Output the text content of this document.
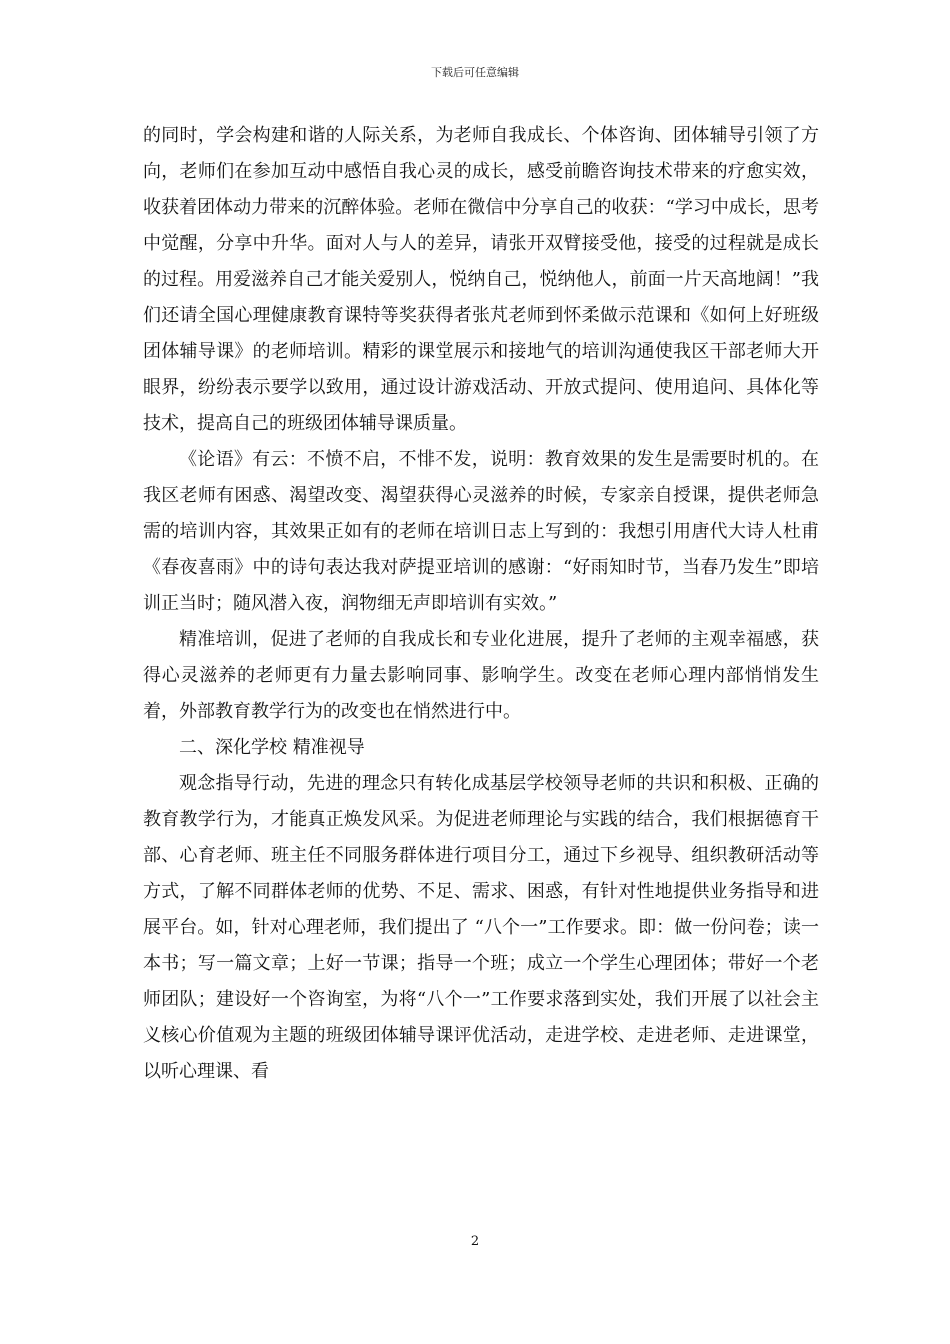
下载后可任意编辑

的同时，学会构建和谐的人际关系，为老师自我成长、个体咨询、团体辅导引领了方向，老师们在参加互动中感悟自我心灵的成长，感受前瞻咨询技术带来的疗愈实效，收获着团体动力带来的沉醉体验。老师在微信中分享自己的收获：“学习中成长，思考中觉醒，分享中升华。面对人与人的差异，请张开双臂接受他，接受的过程就是成长的过程。用爱滋养自己才能关爱别人，悦纳自己，悦纳他人，前面一片天高地阔！”我们还请全国心理健康教育课特等奖获得者张芃老师到怀柔做示范课和《如何上好班级团体辅导课》的老师培训。精彩的课堂展示和接地气的培训沟通使我区干部老师大开眼界，纷纷表示要学以致用，通过设计游戏活动、开放式提问、使用追问、具体化等技术，提高自己的班级团体辅导课质量。

《论语》有云：不愤不启，不悱不发，说明：教育效果的发生是需要时机的。在我区老师有困惑、渴望改变、渴望获得心灵滋养的时候，专家亲自授课，提供老师急需的培训内容，其效果正如有的老师在培训日志上写到的：我想引用唐代大诗人杜甫《春夜喜雨》中的诗句表达我对萨提亚培训的感谢：“好雨知时节，当春乃发生”即培训正当时；随风潜入夜，润物细无声即培训有实效。”

精准培训，促进了老师的自我成长和专业化进展，提升了老师的主观幸福感，获得心灵滋养的老师更有力量去影响同事、影响学生。改变在老师心理内部悄悄发生着，外部教育教学行为的改变也在悄然进行中。

二、深化学校 精准视导

观念指导行动，先进的理念只有转化成基层学校领导老师的共识和积极、正确的教育教学行为，才能真正焕发风采。为促进老师理论与实践的结合，我们根据德育干部、心育老师、班主任不同服务群体进行项目分工，通过下乡视导、组织教研活动等方式，了解不同群体老师的优势、不足、需求、困惑，有针对性地提供业务指导和进展平台。如，针对心理老师，我们提出了 “八个一”工作要求。即：做一份问卷；读一本书；写一篇文章；上好一节课；指导一个班；成立一个学生心理团体；带好一个老师团队；建设好一个咨询室，为将“八个一”工作要求落到实处，我们开展了以社会主义核心价值观为主题的班级团体辅导课评优活动，走进学校、走进老师、走进课堂，以听心理课、看

2
